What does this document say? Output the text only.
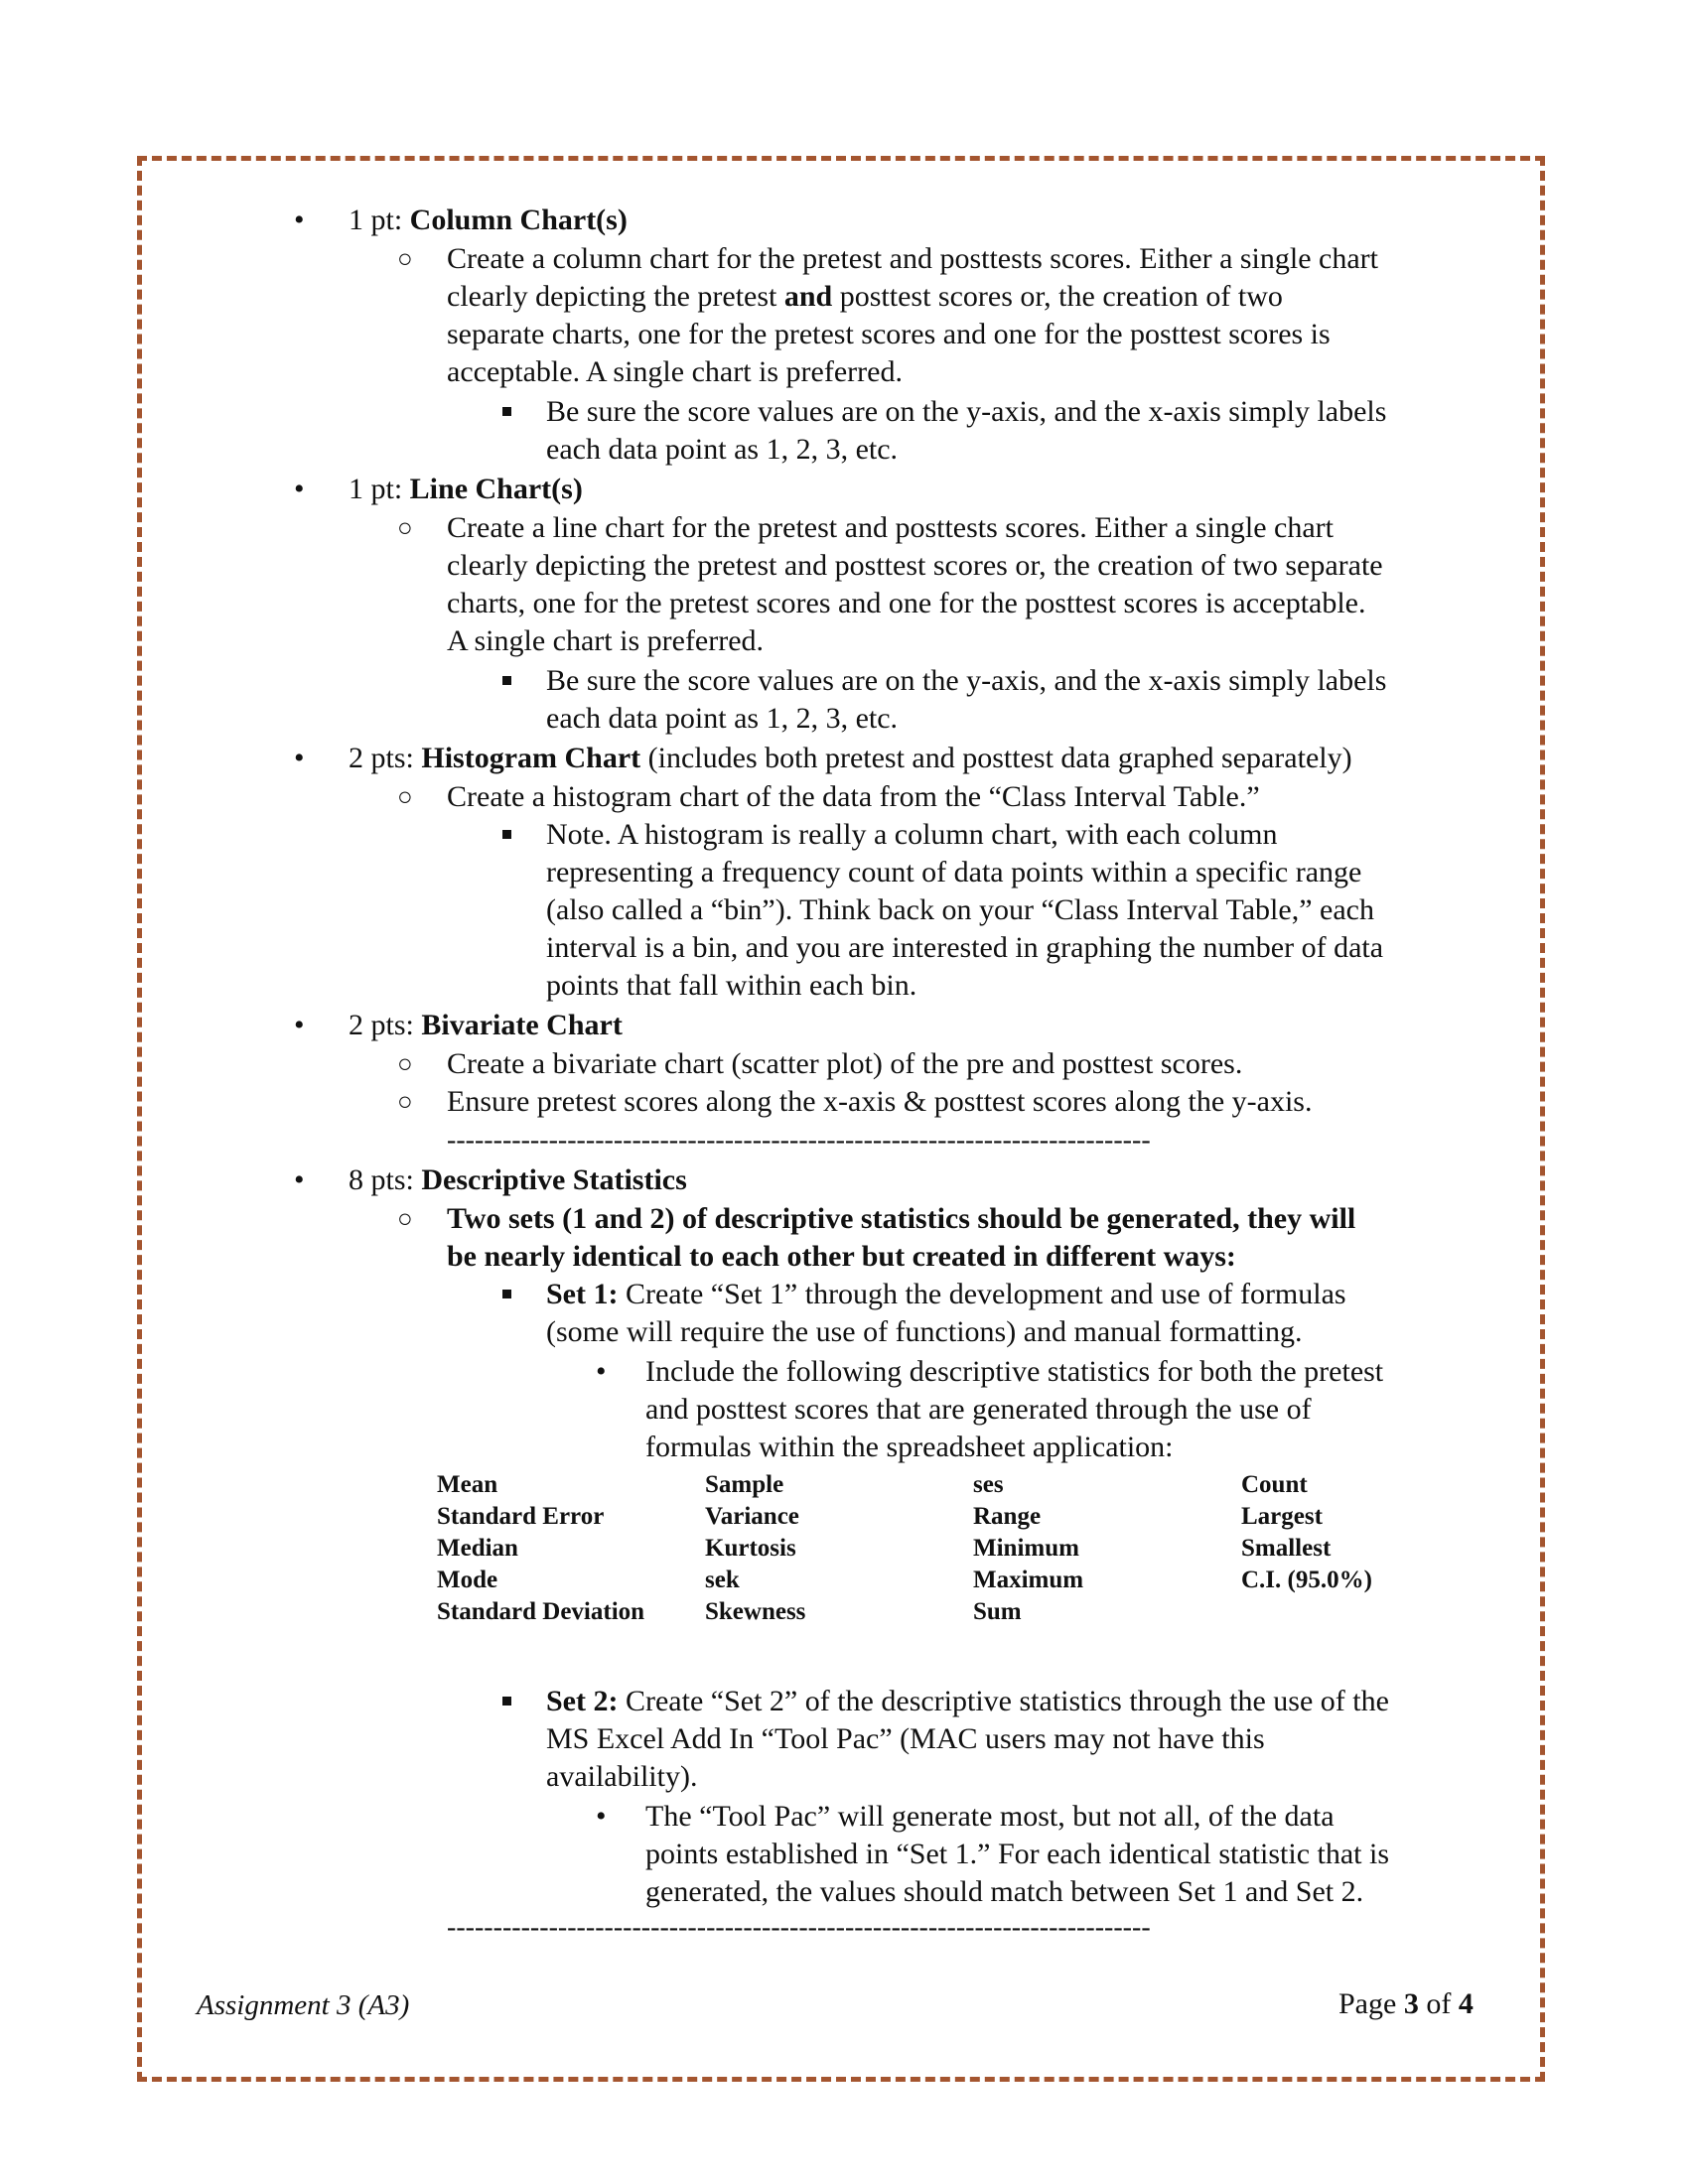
• 1 pt: Column Chart(s)
○ Create a column chart for the pretest and posttests scores. Either a single chart
clearly depicting the pretest and posttest scores or, the creation of two
separate charts, one for the pretest scores and one for the posttest scores is
acceptable. A single chart is preferred.
Be sure the score values are on the y-axis, and the x-axis simply labels
each data point as 1, 2, 3, etc.
• 1 pt: Line Chart(s)
○ Create a line chart for the pretest and posttests scores. Either a single chart
clearly depicting the pretest and posttest scores or, the creation of two separate
charts, one for the pretest scores and one for the posttest scores is acceptable.
A single chart is preferred.
Be sure the score values are on the y-axis, and the x-axis simply labels
each data point as 1, 2, 3, etc.
• 2 pts: Histogram Chart (includes both pretest and posttest data graphed separately)
○ Create a histogram chart of the data from the “Class Interval Table.”
Note. A histogram is really a column chart, with each column
representing a frequency count of data points within a specific range
(also called a “bin”). Think back on your “Class Interval Table,” each
interval is a bin, and you are interested in graphing the number of data
points that fall within each bin.
• 2 pts: Bivariate Chart
○ Create a bivariate chart (scatter plot) of the pre and posttest scores.
○ Ensure pretest scores along the x-axis & posttest scores along the y-axis.
----------------------------------------------------------------------------
• 8 pts: Descriptive Statistics
○ Two sets (1 and 2) of descriptive statistics should be generated, they will
be nearly identical to each other but created in different ways:
Set 1: Create “Set 1” through the development and use of formulas
(some will require the use of functions) and manual formatting.
• Include the following descriptive statistics for both the pretest
and posttest scores that are generated through the use of
formulas within the spreadsheet application:
Mean
Standard Error
Median
Mode
Standard Deviation
Sample
Variance
Kurtosis
sek
Skewness
ses
Range
Minimum
Maximum
Sum
Count
Largest
Smallest
C.I. (95.0%)
Set 2: Create “Set 2” of the descriptive statistics through the use of the
MS Excel Add In “Tool Pac” (MAC users may not have this
availability).
• The “Tool Pac” will generate most, but not all, of the data
points established in “Set 1.” For each identical statistic that is
generated, the values should match between Set 1 and Set 2.
----------------------------------------------------------------------------
Assignment 3 (A3)	Page 3 of 4
